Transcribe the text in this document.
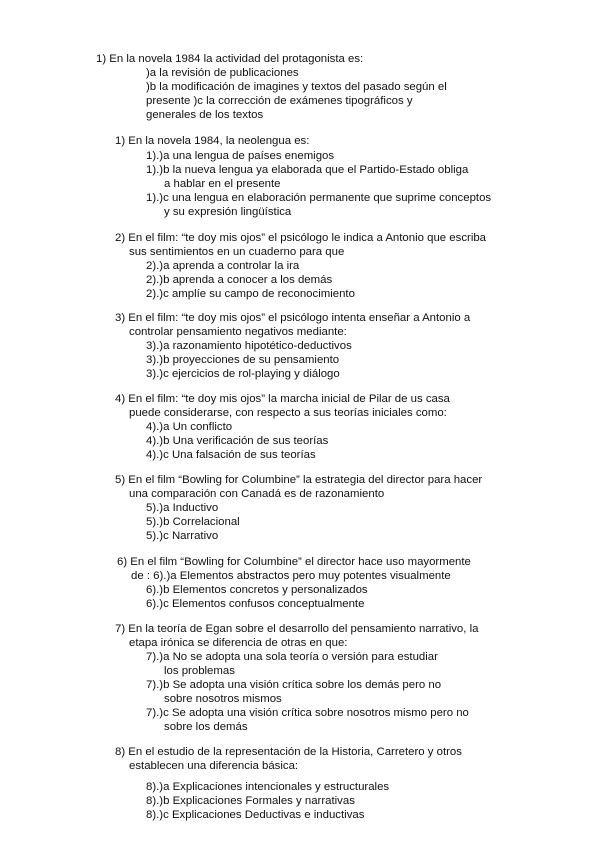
1) En la novela 1984 la actividad del protagonista es:

)a la revisión de publicaciones

)b la modificación de imagines y textos del pasado según el

presente )c la corrección de exámenes tipográficos y

generales de los textos

1) En la novela 1984, la neolengua es:

1).)a una lengua de países enemigos

1).)b la nueva lengua ya elaborada que el Partido-Estado obliga

a hablar en el presente

1).)c una lengua en elaboración permanente que suprime conceptos

y su expresión lingüística

2) En el film: “te doy mis ojos” el psicólogo le indica a Antonio que escriba

sus sentimientos en un cuaderno para que

2).)a aprenda a controlar la ira

2).)b aprenda a conocer a los demás

2).)c amplíe su campo de reconocimiento

3) En el film: “te doy mis ojos” el psicólogo intenta enseñar a Antonio a

controlar pensamiento negativos mediante:

3).)a razonamiento hipotético-deductivos

3).)b proyecciones de su pensamiento

3).)c ejercicios de rol-playing y diálogo

4) En el film: “te doy mis ojos” la marcha inicial de Pilar de us casa

puede considerarse, con respecto a sus teorías iniciales como:

4).)a Un conflicto

4).)b Una verificación de sus teorías

4).)c Una falsación de sus teorías

5) En el film “Bowling for Columbine” la estrategia del director para hacer

una comparación con Canadá es de razonamiento

5).)a Inductivo

5).)b Correlacional

5).)c Narrativo

6) En el film “Bowling for Columbine” el director hace uso mayormente

de : 6).)a Elementos abstractos pero muy potentes visualmente

6).)b Elementos concretos y personalizados

6).)c Elementos confusos conceptualmente

7) En la teoría de Egan sobre el desarrollo del pensamiento narrativo, la

etapa irónica se diferencia de otras en que:

7).)a No se adopta una sola teoría o versión para estudiar

los problemas

7).)b Se adopta una visión crítica sobre los demás pero no

sobre nosotros mismos

7).)c Se adopta una visión crítica sobre nosotros mismo pero no

sobre los demás

8) En el estudio de la representación de la Historia, Carretero y otros

establecen una diferencia básica:

8).)a Explicaciones intencionales y estructurales

8).)b Explicaciones Formales y narrativas

8).)c Explicaciones Deductivas e inductivas
